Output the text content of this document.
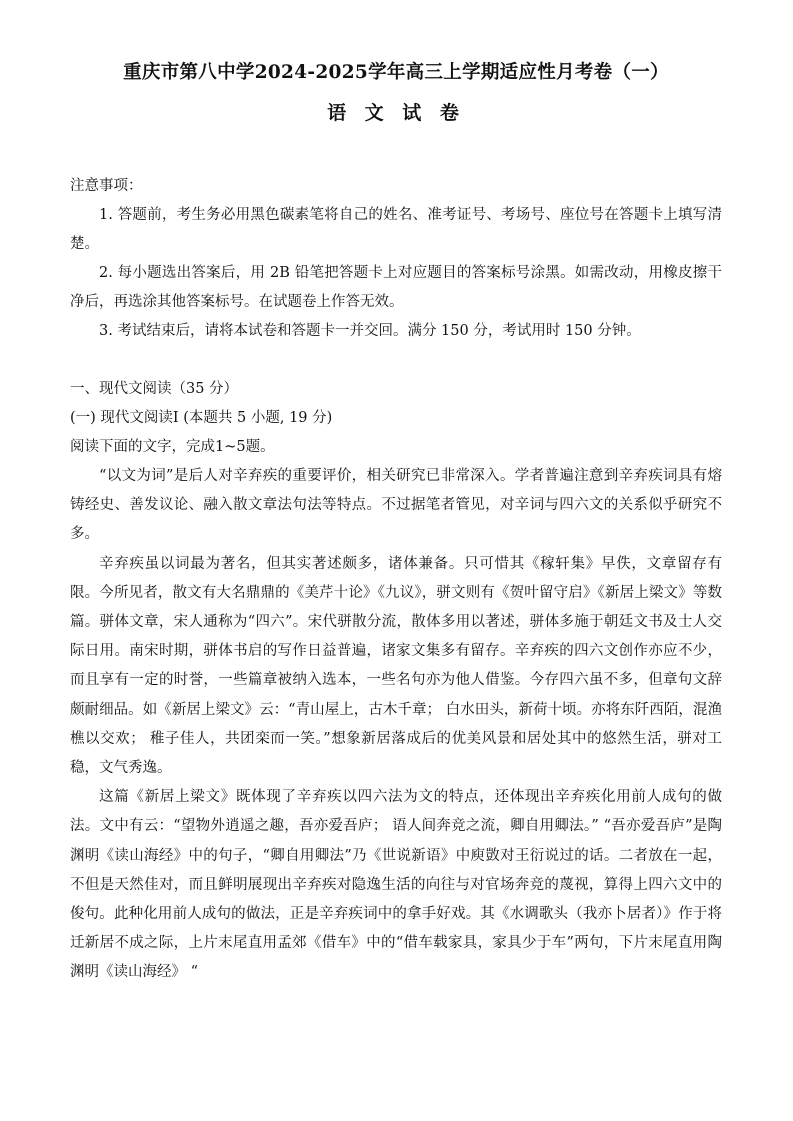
重庆市第八中学2024-2025学年高三上学期适应性月考卷（一）
语 文 试 卷
注意事项：

1. 答题前，考生务必用黑色碳素笔将自己的姓名、准考证号、考场号、座位号在答题卡上填写清楚。

2. 每小题选出答案后，用 2B 铅笔把答题卡上对应题目的答案标号涂黑。如需改动，用橡皮擦干净后，再选涂其他答案标号。在试题卷上作答无效。

3. 考试结束后，请将本试卷和答题卡一并交回。满分 150 分，考试用时 150 分钟。

一、现代文阅读（35 分）

(一) 现代文阅读Ⅰ (本题共 5 小题, 19 分)

阅读下面的文字，完成1~5题。

“以文为词”是后人对辛弃疾的重要评价，相关研究已非常深入。学者普遍注意到辛弃疾词具有熔铸经史、善发议论、融入散文章法句法等特点。不过据笔者管见，对辛词与四六文的关系似乎研究不多。

辛弃疾虽以词最为著名，但其实著述颇多，诸体兼备。只可惜其《稼轩集》早佚，文章留存有限。今所见者，散文有大名鼎鼎的《美芹十论》《九议》，骈文则有《贺叶留守启》《新居上梁文》等数篇。骈体文章，宋人通称为“四六”。宋代骈散分流，散体多用以著述，骈体多施于朝廷文书及士人交际日用。南宋时期，骈体书启的写作日益普遍，诸家文集多有留存。辛弃疾的四六文创作亦应不少，而且享有一定的时誉，一些篇章被纳入选本，一些名句亦为他人借鉴。今存四六虽不多，但章句文辞颇耐细品。如《新居上梁文》云：“青山屋上，古木千章； 白水田头，新荷十顷。亦将东阡西陌，混渔樵以交欢； 稚子佳人，共团栾而一笑。”想象新居落成后的优美风景和居处其中的悠然生活，骈对工稳，文气秀逸。

这篇《新居上梁文》既体现了辛弃疾以四六法为文的特点，还体现出辛弃疾化用前人成句的做法。文中有云：“望物外逍遥之趣，吾亦爱吾庐； 语人间奔竞之流，卿自用卿法。” “吾亦爱吾庐”是陶渊明《读山海经》中的句子，“卿自用卿法”乃《世说新语》中庾敳对王衍说过的话。二者放在一起，不但是天然佳对，而且鲜明展现出辛弃疾对隐逸生活的向往与对官场奔竞的蔑视，算得上四六文中的俊句。此种化用前人成句的做法，正是辛弃疾词中的拿手好戏。其《水调歌头（我亦卜居者）》作于将迁新居不成之际，上片末尾直用孟郊《借车》中的“借车载家具，家具少于车”两句，下片末尾直用陶渊明《读山海经》 “
